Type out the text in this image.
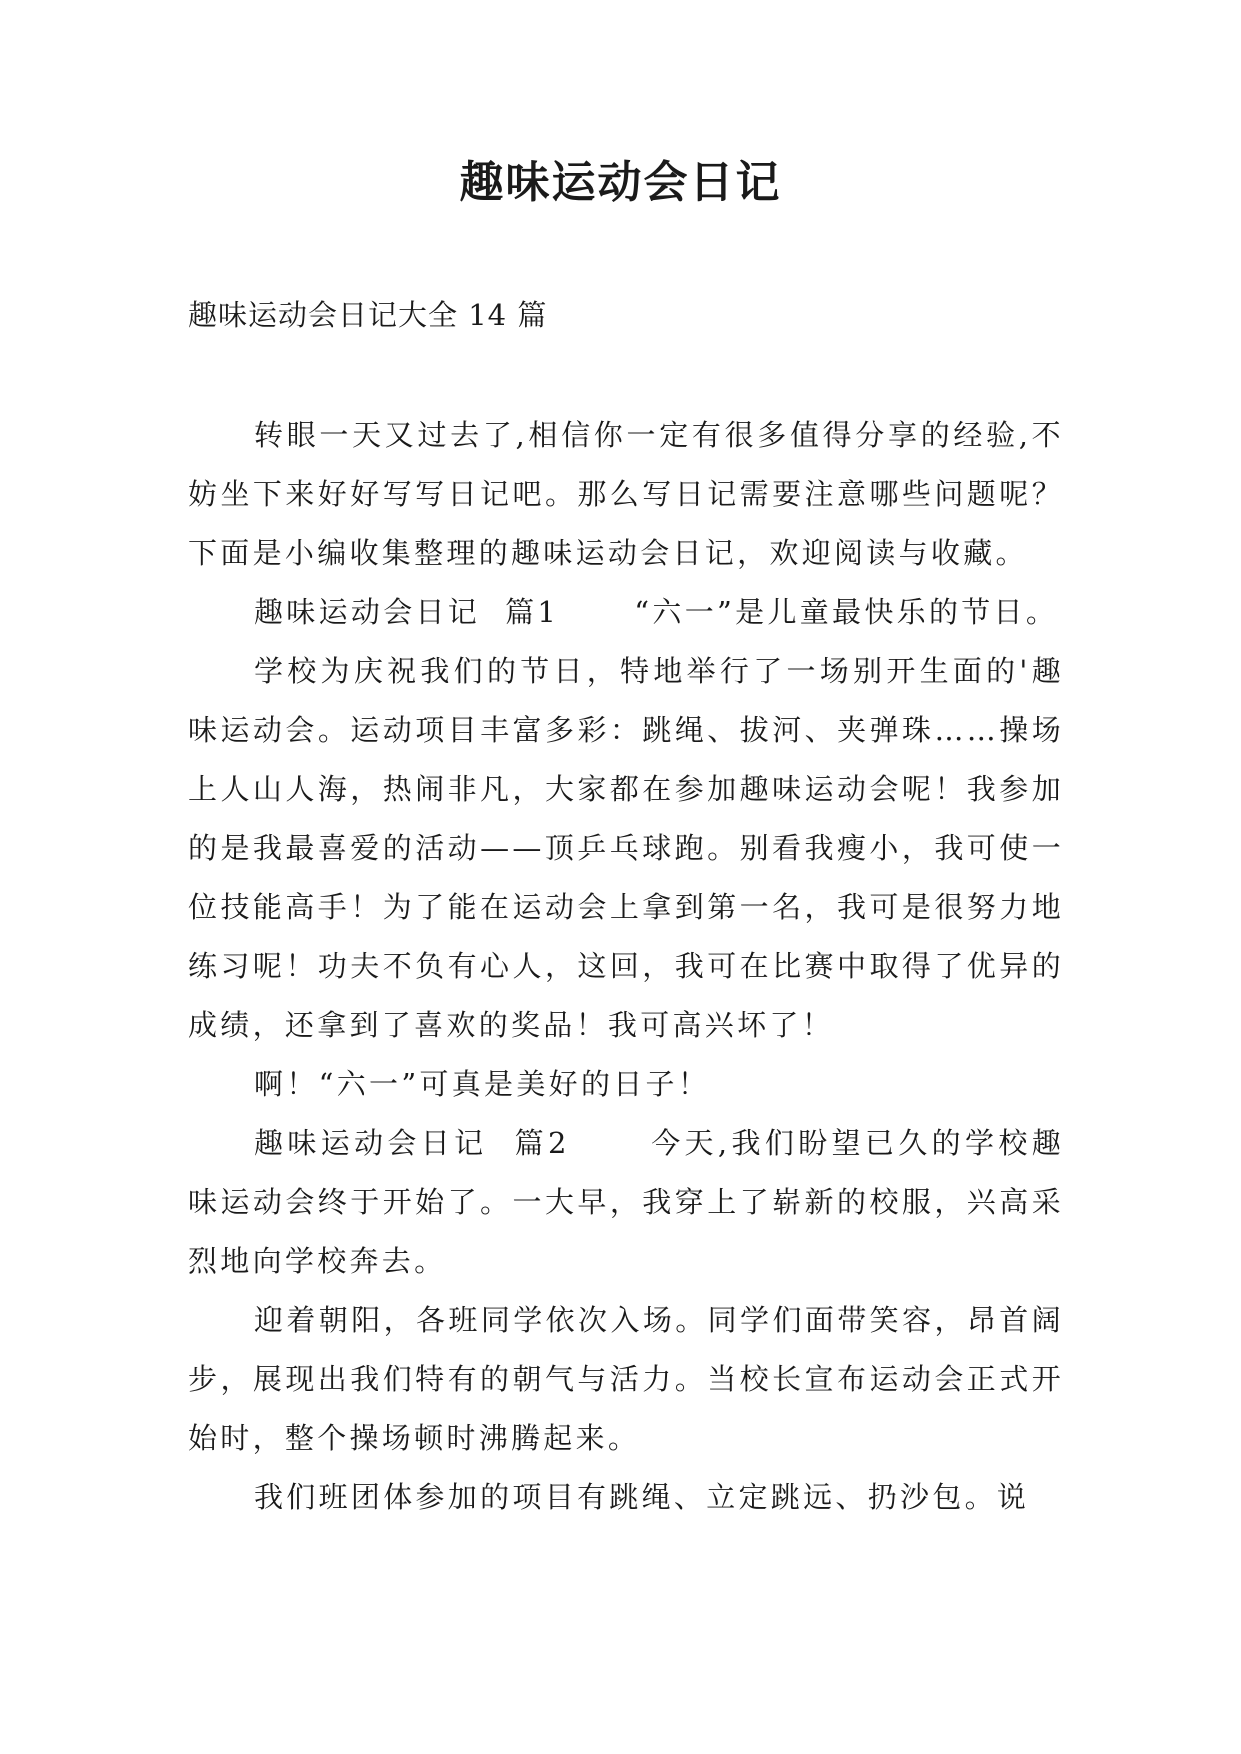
趣味运动会日记
趣味运动会日记大全 14 篇

转眼一天又过去了,相信你一定有很多值得分享的经验,不妨坐下来好好写写日记吧。那么写日记需要注意哪些问题呢？下面是小编收集整理的趣味运动会日记，欢迎阅读与收藏。

趣味运动会日记  篇1      “六一”是儿童最快乐的节日。

学校为庆祝我们的节日，特地举行了一场别开生面的'趣味运动会。运动项目丰富多彩：跳绳、拔河、夹弹珠……操场上人山人海，热闹非凡，大家都在参加趣味运动会呢！我参加的是我最喜爱的活动——顶乒乓球跑。别看我瘦小，我可使一位技能高手！为了能在运动会上拿到第一名，我可是很努力地练习呢！功夫不负有心人，这回，我可在比赛中取得了优异的成绩，还拿到了喜欢的奖品！我可高兴坏了！

啊！“六一”可真是美好的日子！

趣味运动会日记  篇2      今天,我们盼望已久的学校趣味运动会终于开始了。一大早，我穿上了崭新的校服，兴高采烈地向学校奔去。

迎着朝阳，各班同学依次入场。同学们面带笑容，昂首阔步，展现出我们特有的朝气与活力。当校长宣布运动会正式开始时，整个操场顿时沸腾起来。

我们班团体参加的项目有跳绳、立定跳远、扔沙包。说
